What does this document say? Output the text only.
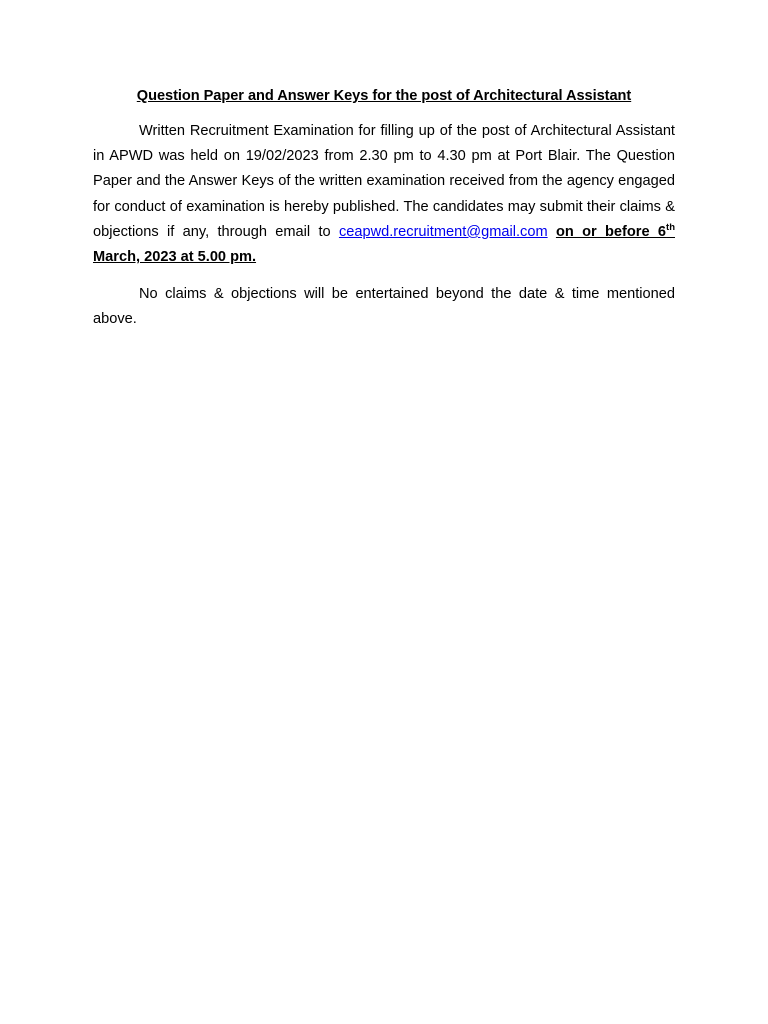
Question Paper and Answer Keys for the post of Architectural Assistant

Written Recruitment Examination for filling up of the post of Architectural Assistant in APWD was held on 19/02/2023 from 2.30 pm to 4.30 pm at Port Blair. The Question Paper and the Answer Keys of the written examination received from the agency engaged for conduct of examination is hereby published. The candidates may submit their claims & objections if any, through email to ceapwd.recruitment@gmail.com on or before 6th March, 2023 at 5.00 pm.

No claims & objections will be entertained beyond the date & time mentioned above.
